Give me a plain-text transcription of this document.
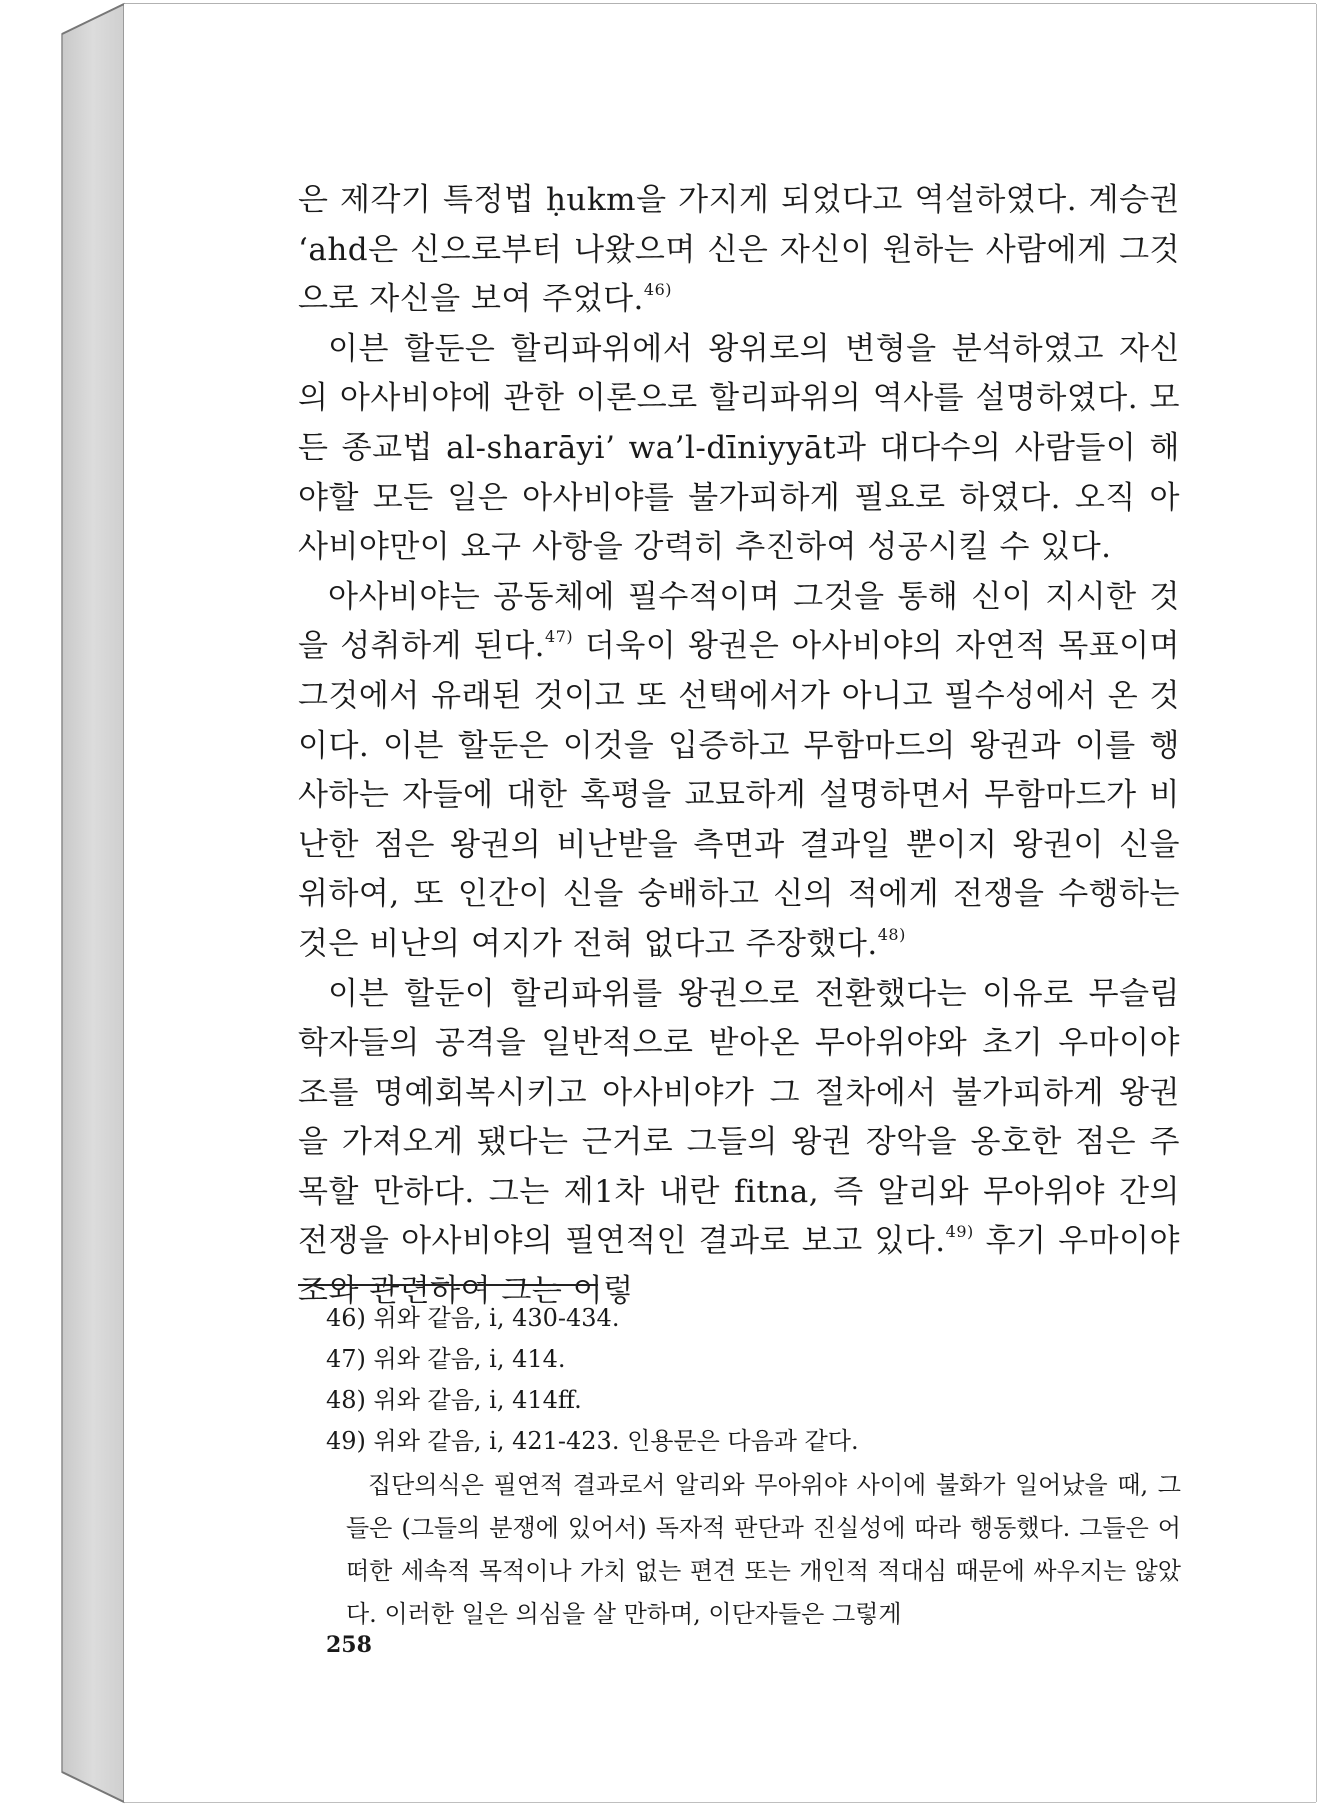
은 제각기 특정법 ḥukm을 가지게 되었다고 역설하였다. 계승권 ‘ahd은 신으로부터 나왔으며 신은 자신이 원하는 사람에게 그것으로 자신을 보여 주었다.$^{46)}$

이븐 할둔은 할리파위에서 왕위로의 변형을 분석하였고 자신의 아사비야에 관한 이론으로 할리파위의 역사를 설명하였다. 모든 종교법 al-sharāyi’ wa’l-dīniyyāt과 대다수의 사람들이 해야할 모든 일은 아사비야를 불가피하게 필요로 하였다. 오직 아사비야만이 요구 사항을 강력히 추진하여 성공시킬 수 있다.

아사비야는 공동체에 필수적이며 그것을 통해 신이 지시한 것을 성취하게 된다.$^{47)}$ 더욱이 왕권은 아사비야의 자연적 목표이며 그것에서 유래된 것이고 또 선택에서가 아니고 필수성에서 온 것이다. 이븐 할둔은 이것을 입증하고 무함마드의 왕권과 이를 행사하는 자들에 대한 혹평을 교묘하게 설명하면서 무함마드가 비난한 점은 왕권의 비난받을 측면과 결과일 뿐이지 왕권이 신을 위하여, 또 인간이 신을 숭배하고 신의 적에게 전쟁을 수행하는 것은 비난의 여지가 전혀 없다고 주장했다.$^{48)}$

이븐 할둔이 할리파위를 왕권으로 전환했다는 이유로 무슬림 학자들의 공격을 일반적으로 받아온 무아위야와 초기 우마이야조를 명예회복시키고 아사비야가 그 절차에서 불가피하게 왕권을 가져오게 됐다는 근거로 그들의 왕권 장악을 옹호한 점은 주목할 만하다. 그는 제1차 내란 fitna, 즉 알리와 무아위야 간의 전쟁을 아사비야의 필연적인 결과로 보고 있다.$^{49)}$ 후기 우마이야조와 관련하여 그는 이렇

46) 위와 같음, i, 430-434.
47) 위와 같음, i, 414.
48) 위와 같음, i, 414ff.
49) 위와 같음, i, 421-423. 인용문은 다음과 같다.
집단의식은 필연적 결과로서 알리와 무아위야 사이에 불화가 일어났을 때, 그들은 (그들의 분쟁에 있어서) 독자적 판단과 진실성에 따라 행동했다. 그들은 어떠한 세속적 목적이나 가치 없는 편견 또는 개인적 적대심 때문에 싸우지는 않았다. 이러한 일은 의심을 살 만하며, 이단자들은 그렇게
258
